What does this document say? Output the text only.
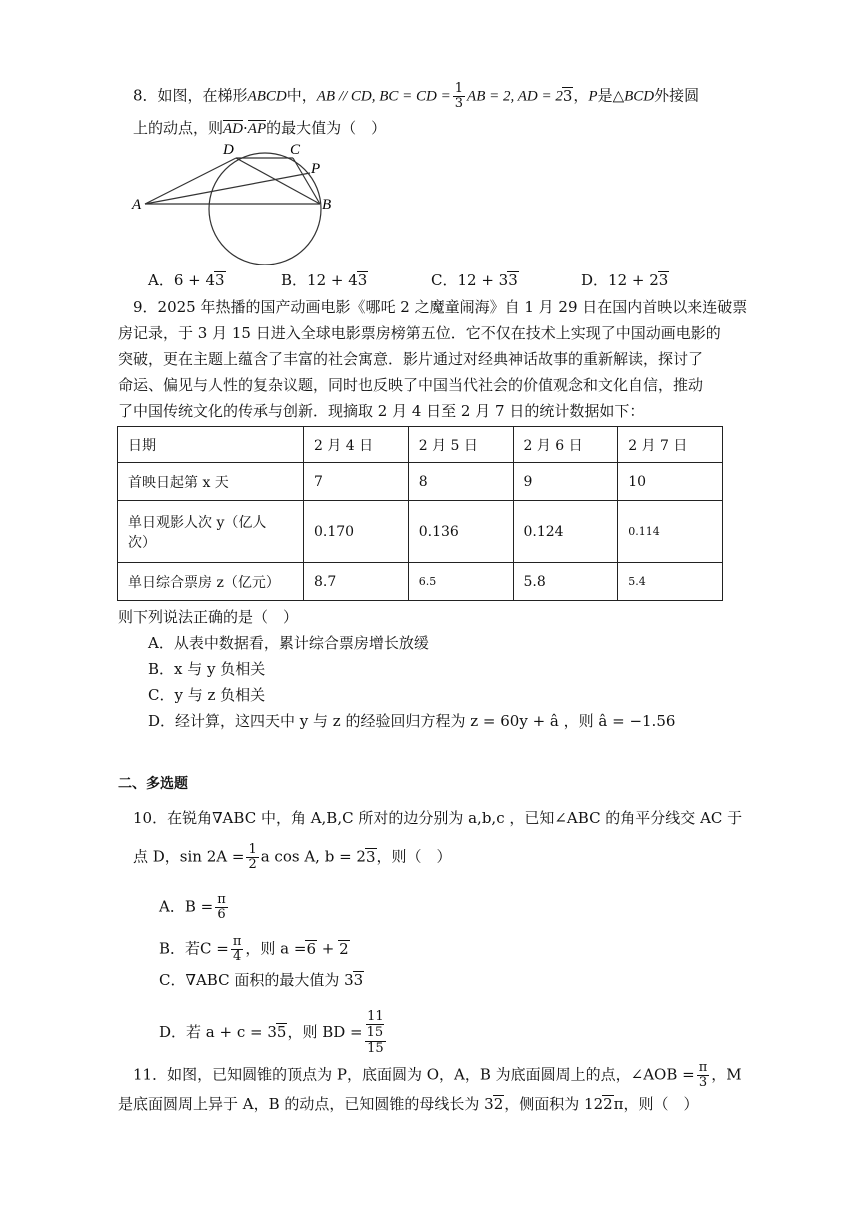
8．如图，在梯形ABCD中，AB // CD, BC = CD = $\frac{1}{3}$ AB = 2, AD = 23，P是△BCD外接圆
上的动点，则AD·AP的最大值为（　）
A	B
C
D
P
A．6 + 43	B．12 + 43	C．12 + 33	D．12 + 23
9．2025 年热播的国产动画电影《哪吒 2 之魔童闹海》自 1 月 29 日在国内首映以来连破票
房记录，于 3 月 15 日进入全球电影票房榜第五位．它不仅在技术上实现了中国动画电影的
突破，更在主题上蕴含了丰富的社会寓意．影片通过对经典神话故事的重新解读，探讨了
命运、偏见与人性的复杂议题，同时也反映了中国当代社会的价值观念和文化自信，推动
了中国传统文化的传承与创新．现摘取 2 月 4 日至 2 月 7 日的统计数据如下：
日期	2 月 4 日	2 月 5 日	2 月 6 日	2 月 7 日
首映日起第 x 天	7	8	9	10

单日观影人次 y（亿人
次）	0.170	0.136	0.124	0.114
单日综合票房 z（亿元）	8.7	6.5	5.8	5.4
则下列说法正确的是（　）
A．从表中数据看，累计综合票房增长放缓
B．x 与 y 负相关
C．y 与 z 负相关
D．经计算，这四天中 y 与 z 的经验回归方程为 z = 60y + â ，则 â = −1.56
二、多选题
10．在锐角∇ABC 中，角 A,B,C 所对的边分别为 a,b,c ，已知∠ABC 的角平分线交 AC 于
点 D，$\sin 2A = \frac{1}{2}$ a cos A, b = 23，则（　）
A．$B = \frac{\pi}{6}$
B．若$C = \frac{\pi}{4}$ ，则 a =6 + 2
C．∇ABC 面积的最大值为 33
D．若 a + c = 35，则 BD = 11
15
15
11．如图，已知圆锥的顶点为 P，底面圆为 O，A，B 为底面圆周上的点，∠AOB = $\frac{\pi}{3}$ ，M
是底面圆周上异于 A，B 的动点，已知圆锥的母线长为 32，侧面积为 122π，则（　）
